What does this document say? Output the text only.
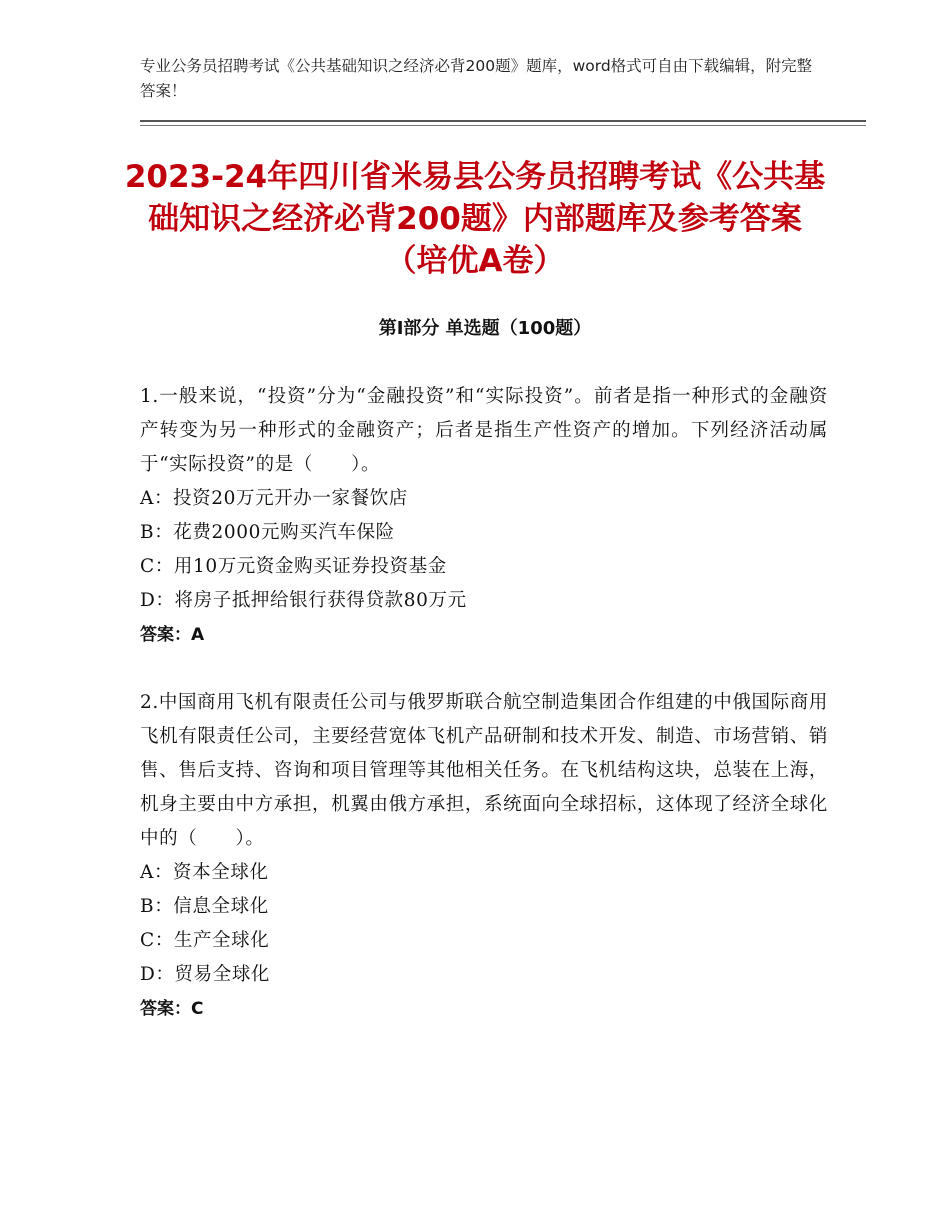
专业公务员招聘考试《公共基础知识之经济必背200题》题库，word格式可自由下载编辑，附完整答案！
2023-24年四川省米易县公务员招聘考试《公共基础知识之经济必背200题》内部题库及参考答案（培优A卷）
第Ⅰ部分 单选题（100题）
1.一般来说，“投资”分为“金融投资”和“实际投资”。前者是指一种形式的金融资产转变为另一种形式的金融资产；后者是指生产性资产的增加。下列经济活动属于“实际投资”的是（　　）。
A：投资20万元开办一家餐饮店
B：花费2000元购买汽车保险
C：用10万元资金购买证券投资基金
D：将房子抵押给银行获得贷款80万元
答案：A
2.中国商用飞机有限责任公司与俄罗斯联合航空制造集团合作组建的中俄国际商用飞机有限责任公司，主要经营宽体飞机产品研制和技术开发、制造、市场营销、销售、售后支持、咨询和项目管理等其他相关任务。在飞机结构这块，总装在上海，机身主要由中方承担，机翼由俄方承担，系统面向全球招标，这体现了经济全球化中的（　　）。
A：资本全球化
B：信息全球化
C：生产全球化
D：贸易全球化
答案：C
